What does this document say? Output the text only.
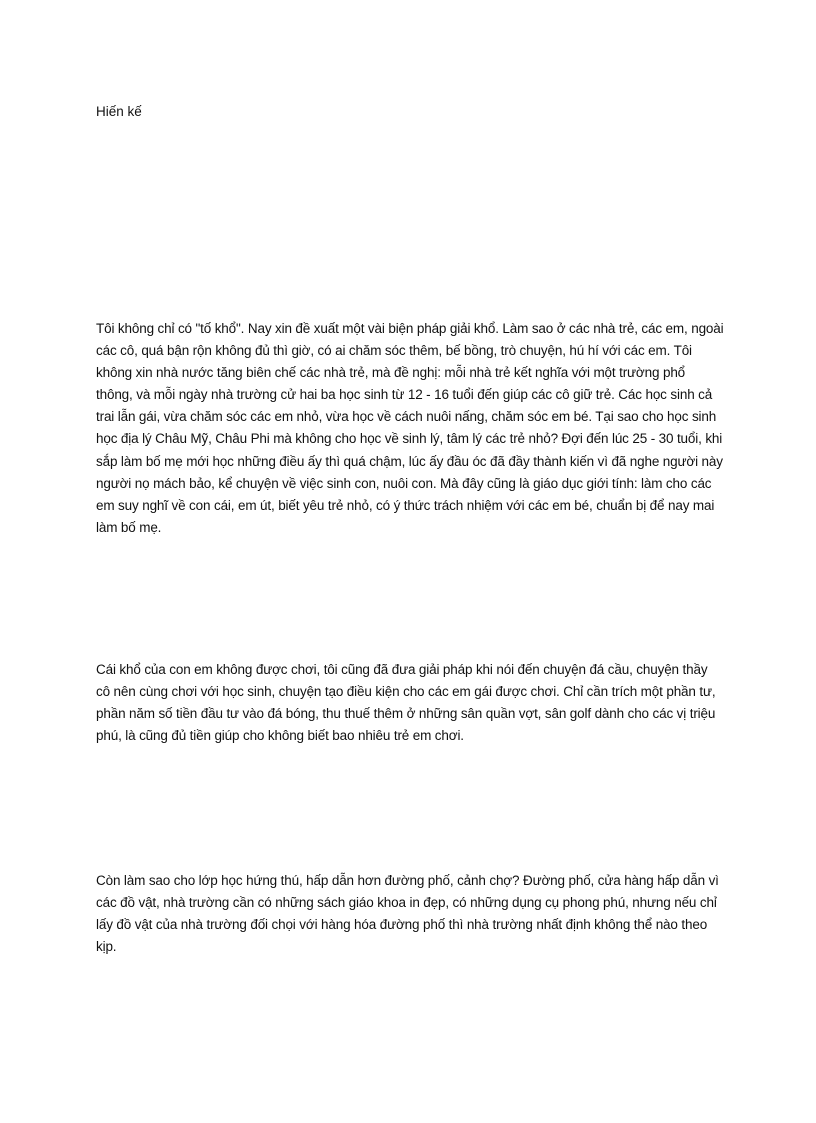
Hiến kế

Tôi không chỉ có "tố khổ". Nay xin đề xuất một vài biện pháp giải khổ. Làm sao ở các nhà trẻ, các em, ngoài các cô, quá bận rộn không đủ thì giờ, có ai chăm sóc thêm, bế bồng, trò chuyện, hú hí với các em. Tôi không xin nhà nước tăng biên chế các nhà trẻ, mà đề nghị: mỗi nhà trẻ kết nghĩa với một trường phổ thông, và mỗi ngày nhà trường cử hai ba học sinh từ 12 - 16 tuổi đến giúp các cô giữ trẻ. Các học sinh cả trai lẫn gái, vừa chăm sóc các em nhỏ, vừa học về cách nuôi nấng, chăm sóc em bé. Tại sao cho học sinh học địa lý Châu Mỹ, Châu Phi mà không cho học về sinh lý, tâm lý các trẻ nhỏ? Đợi đến lúc 25 - 30 tuổi, khi sắp làm bố mẹ mới học những điều ấy thì quá chậm, lúc ấy đầu óc đã đầy thành kiến vì đã nghe người này người nọ mách bảo, kể chuyện về việc sinh con, nuôi con. Mà đây cũng là giáo dục giới tính: làm cho các em suy nghĩ về con cái, em út, biết yêu trẻ nhỏ, có ý thức trách nhiệm với các em bé, chuẩn bị để nay mai làm bố mẹ.

Cái khổ của con em không được chơi, tôi cũng đã đưa giải pháp khi nói đến chuyện đá cầu, chuyện thầy cô nên cùng chơi với học sinh, chuyện tạo điều kiện cho các em gái được chơi. Chỉ cần trích một phần tư, phần năm số tiền đầu tư vào đá bóng, thu thuế thêm ở những sân quần vợt, sân golf dành cho các vị triệu phú, là cũng đủ tiền giúp cho không biết bao nhiêu trẻ em chơi.

Còn làm sao cho lớp học hứng thú, hấp dẫn hơn đường phố, cảnh chợ? Đường phố, cửa hàng hấp dẫn vì các đồ vật, nhà trường cần có những sách giáo khoa in đẹp, có những dụng cụ phong phú, nhưng nếu chỉ lấy đồ vật của nhà trường đối chọi với hàng hóa đường phố thì nhà trường nhất định không thể nào theo kịp.
